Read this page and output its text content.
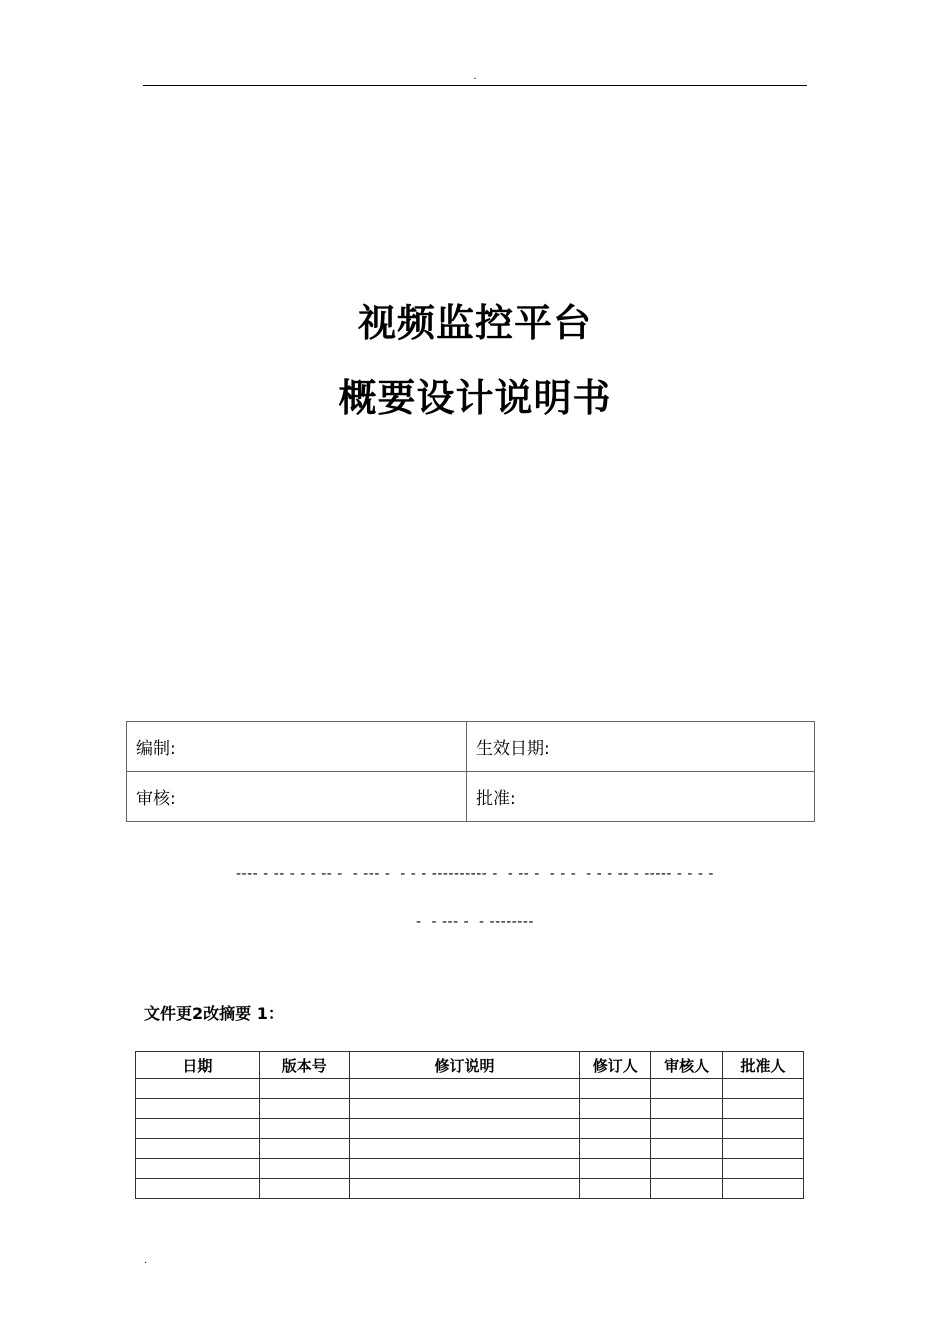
.
视频监控平台
概要设计说明书
编制:	生效日期:
审核:	批准:
---- - -- - - - -- -  - --- -  - - - ---------- -  - -- -  - - -  - - - -- - ----- - - - -
-  - --- -  - --------
文件更2改摘要 1：
日期	版本号	修订说明	修订人	审核人	批准人

.
